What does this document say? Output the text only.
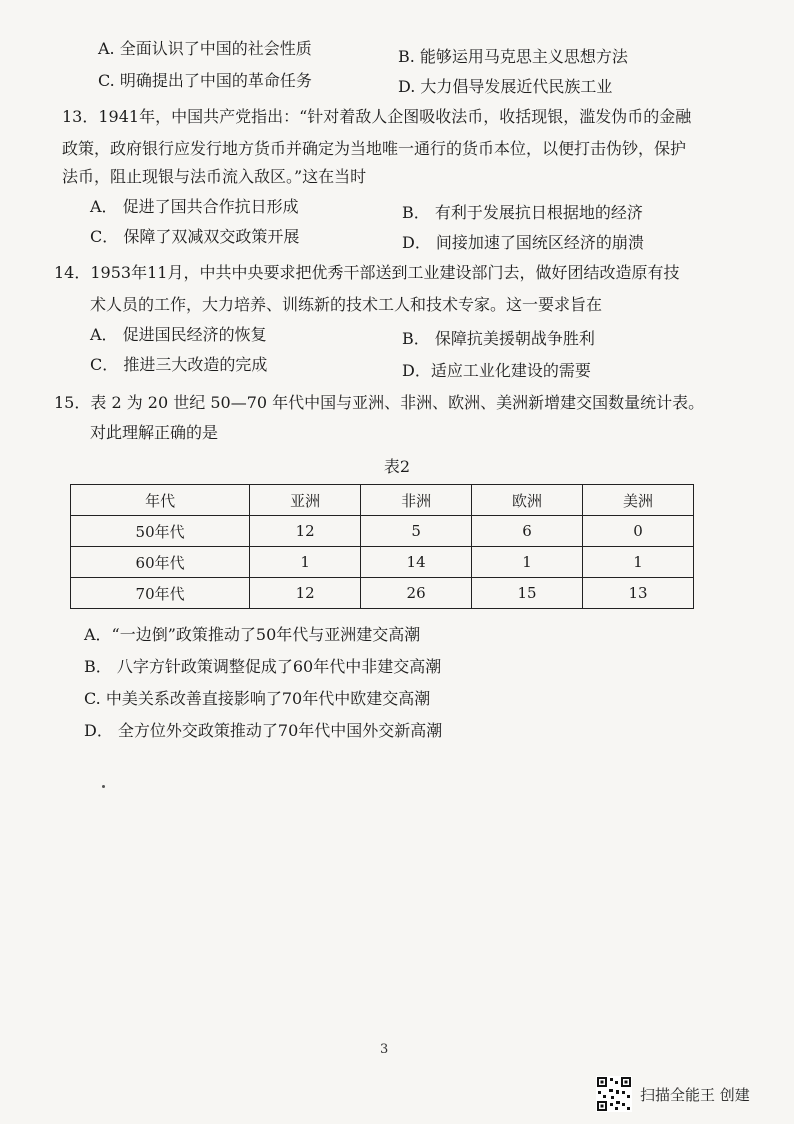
A. 全面认识了中国的社会性质	B. 能够运用马克思主义思想方法
C. 明确提出了中国的革命任务	D. 大力倡导发展近代民族工业
13．1941年，中国共产党指出：“针对着敌人企图吸收法币，收括现银，滥发伪币的金融
政策，政府银行应发行地方货币并确定为当地唯一通行的货币本位，以便打击伪钞，保护
法币，阻止现银与法币流入敌区。”这在当时
A． 促进了国共合作抗日形成	B． 有利于发展抗日根据地的经济
C． 保障了双减双交政策开展	D． 间接加速了国统区经济的崩溃
14．1953年11月，中共中央要求把优秀干部送到工业建设部门去，做好团结改造原有技
术人员的工作，大力培养、训练新的技术工人和技术专家。这一要求旨在
A． 促进国民经济的恢复	B． 保障抗美援朝战争胜利
C． 推进三大改造的完成	D．适应工业化建设的需要
15．表 2 为 20 世纪 50—70 年代中国与亚洲、非洲、欧洲、美洲新增建交国数量统计表。
对此理解正确的是
表2
年代	亚洲	非洲	欧洲	美洲
50年代	12	5	6	0
60年代	1	14	1	1
70年代	12	26	15	13
A．“一边倒”政策推动了50年代与亚洲建交高潮
B． 八字方针政策调整促成了60年代中非建交高潮
C. 中美关系改善直接影响了70年代中欧建交高潮
D． 全方位外交政策推动了70年代中国外交新高潮
3
扫描全能王 创建
